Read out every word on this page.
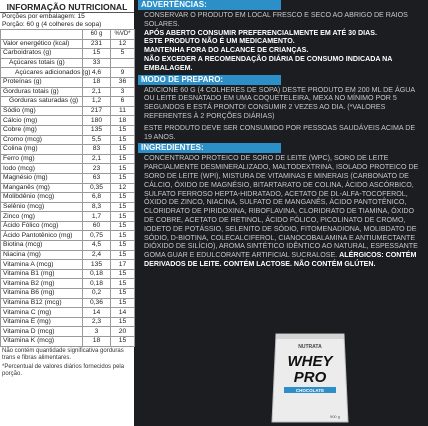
INFORMAÇÃO NUTRICIONAL
Porções por embalagem: 15
Porção: 60 g (4 colheres de sopa)
	60 g	%VD*
Valor energético (kcal)	231	12
Carboidratos (g)	15	5
Açúcares totais (g)	33	
Açúcares adicionados (g)	4,6	9
Proteínas (g)	18	36
Gorduras totais (g)	2,1	3
Gorduras saturadas (g)	1,2	6
Sódio (mg)	217	11
Cálcio (mg)	180	18
Cobre (mg)	135	15
Cromo (mcg)	5,5	15
Colina (mg)	83	15
Ferro (mg)	2,1	15
Iodo (mcg)	23	15
Magnésio (mg)	63	15
Manganês (mg)	0,35	12
Molibdênio (mcg)	6,8	15
Selênio (mcg)	8,3	15
Zinco (mg)	1,7	15
Ácido Fólico (mcg)	60	15
Ácido Pantotênico (mg)	0,75	15
Biotina (mcg)	4,5	15
Niacina (mg)	2,4	15
Vitamina A (mcg)	135	17
Vitamina B1 (mg)	0,18	15
Vitamina B2 (mg)	0,18	15
Vitamina B6 (mg)	0,2	15
Vitamina B12 (mcg)	0,36	15
Vitamina C (mg)	14	14
Vitamina E (mg)	2,3	15
Vitamina D (mcg)	3	20
Vitamina K (mcg)	18	15
Não contém quantidade significativa gorduras trans e fibras alimentares.
*Percentual de valores diários fornecidos pela porção.
ADVERTÊNCIAS:
CONSERVAR O PRODUTO EM LOCAL FRESCO E SECO AO ABRIGO DE RAIOS SOLARES.
APÓS ABERTO CONSUMIR PREFERENCIALMENTE EM ATÉ 30 DIAS.
ESTE PRODUTO NÃO É UM MEDICAMENTO.
MANTENHA FORA DO ALCANCE DE CRIANÇAS.
NÃO EXCEDER A RECOMENDAÇÃO DIÁRIA DE CONSUMO INDICADA NA EMBALAGEM.
MODO DE PREPARO:
ADICIONE 60 G (4 COLHERES DE SOPA) DESTE PRODUTO EM 200 ML DE ÁGUA OU LEITE DESNATADO EM UMA COQUETELEIRA, MEXA NO MÍNIMO POR 5 SEGUNDOS E ESTÁ PRONTO! CONSUMIR 2 VEZES AO DIA. (*VALORES REFERENTES À 2 PORÇÕES DIÁRIAS)
ESTE PRODUTO DEVE SER CONSUMIDO POR PESSOAS SAUDÁVEIS ACIMA DE 19 ANOS.
INGREDIENTES:
CONCENTRADO PROTEICO DE SORO DE LEITE (WPC), SORO DE LEITE PARCIALMENTE DESMINERALIZADO, MALTODEXTRINA, ISOLADO PROTEICO DE SORO DE LEITE (WPI), MISTURA DE VITAMINAS E MINERAIS (CARBONATO DE CÁLCIO, ÓXIDO DE MAGNÉSIO, BITARTARATO DE COLINA, ÁCIDO ASCÓRBICO, SULFATO FERROSO HEPTA-HIDRATADO, ACETATO DE DL-ALFA-TOCOFEROL, ÓXIDO DE ZINCO, NIACINA, SULFATO DE MANGANÊS, ÁCIDO PANTOTÊNICO, CLORIDRATO DE PIRIDOXINA, RIBOFLAVINA, CLORIDRATO DE TIAMINA, ÓXIDO DE COBRE, ACETATO DE RETINOL, ÁCIDO FÓLICO, PICOLINATO DE CROMO, IODETO DE POTÁSSIO, SELENITO DE SÓDIO, FITOMENADIONA, MOLIBDATO DE SÓDIO, D-BIOTINA, COLECALCIFEROL, CIANOCOBALAMINA E ANTIUMECTANTE DIÓXIDO DE SILÍCIO), AROMA SINTÉTICO IDÊNTICO AO NATURAL, ESPESSANTE GOMA GUAR E EDULCORANTE ARTIFICIAL SUCRALOSE. ALÉRGICOS: CONTÉM DERIVADOS DE LEITE. CONTÉM LACTOSE. NÃO CONTÉM GLÚTEN.
NUTRATA
WHEY
PRO
CHOCOLATE
900 g
